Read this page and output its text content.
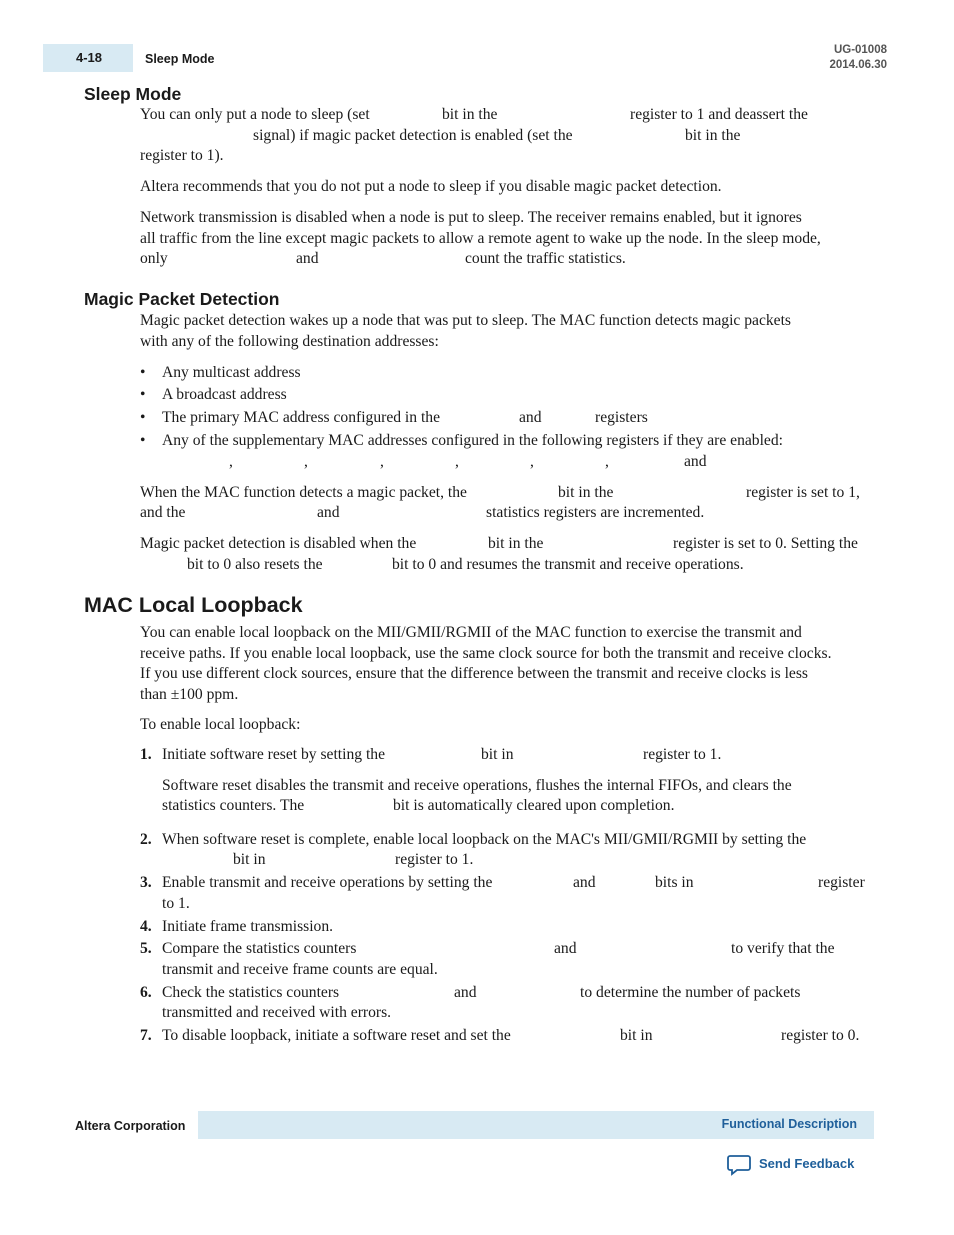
4-18	Sleep Mode
UG-01008
2014.06.30
Sleep Mode
You can only put a node to sleep (set	bit in the	register to 1 and deassert the
signal) if magic packet detection is enabled (set the	bit in the
register to 1).
Altera recommends that you do not put a node to sleep if you disable magic packet detection.
Network transmission is disabled when a node is put to sleep. The receiver remains enabled, but it ignores
all traffic from the line except magic packets to allow a remote agent to wake up the node. In the sleep mode,
only	and	count the traffic statistics.
Magic Packet Detection
Magic packet detection wakes up a node that was put to sleep. The MAC function detects magic packets
with any of the following destination addresses:
• Any multicast address
• A broadcast address
• The primary MAC address configured in the	and	registers
• Any of the supplementary MAC addresses configured in the following registers if they are enabled:
,	,	,	,	,	,	and
When the MAC function detects a magic packet, the	bit in the	register is set to 1,
and the	and	statistics registers are incremented.
Magic packet detection is disabled when the	bit in the	register is set to 0. Setting the
bit to 0 also resets the	bit to 0 and resumes the transmit and receive operations.
MAC Local Loopback
You can enable local loopback on the MII/GMII/RGMII of the MAC function to exercise the transmit and
receive paths. If you enable local loopback, use the same clock source for both the transmit and receive clocks.
If you use different clock sources, ensure that the difference between the transmit and receive clocks is less
than ±100 ppm.
To enable local loopback:
1. Initiate software reset by setting the	bit in	register to 1.
Software reset disables the transmit and receive operations, flushes the internal FIFOs, and clears the
statistics counters. The	bit is automatically cleared upon completion.
2. When software reset is complete, enable local loopback on the MAC's MII/GMII/RGMII by setting the
bit in	register to 1.
3. Enable transmit and receive operations by setting the	and	bits in	register
to 1.
4. Initiate frame transmission.
5. Compare the statistics counters	and	to verify that the
transmit and receive frame counts are equal.
6. Check the statistics counters	and	to determine the number of packets
transmitted and received with errors.
7. To disable loopback, initiate a software reset and set the	bit in	register to 0.
Altera Corporation	Functional Description
Send Feedback
